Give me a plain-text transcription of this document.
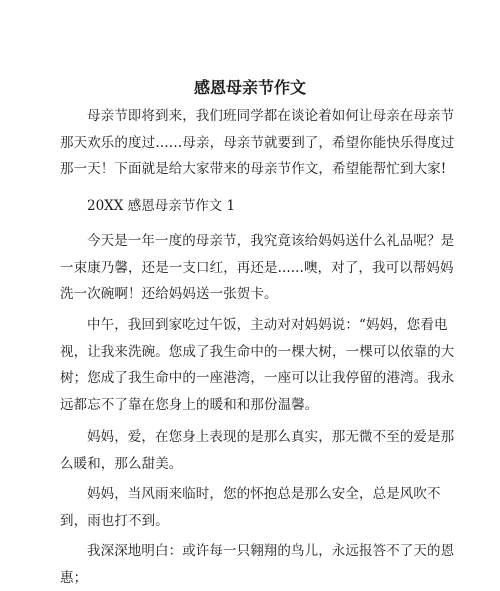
感恩母亲节作文

母亲节即将到来，我们班同学都在谈论着如何让母亲在母亲节那天欢乐的度过……母亲，母亲节就要到了，希望你能快乐得度过那一天！下面就是给大家带来的母亲节作文，希望能帮忙到大家!

20XX 感恩母亲节作文 1

今天是一年一度的母亲节，我究竟该给妈妈送什么礼品呢？是一束康乃馨，还是一支口红，再还是......噢，对了，我可以帮妈妈洗一次碗啊！还给妈妈送一张贺卡。

中午，我回到家吃过午饭，主动对对妈妈说：“妈妈，您看电视，让我来洗碗。您成了我生命中的一棵大树，一棵可以依靠的大树；您成了我生命中的一座港湾，一座可以让我停留的港湾。我永远都忘不了靠在您身上的暖和和那份温馨。

妈妈，爱，在您身上表现的是那么真实，那无微不至的爱是那么暖和，那么甜美。

妈妈，当风雨来临时，您的怀抱总是那么安全，总是风吹不到，雨也打不到。

我深深地明白：或许每一只翱翔的鸟儿，永远报答不了天的恩惠；
